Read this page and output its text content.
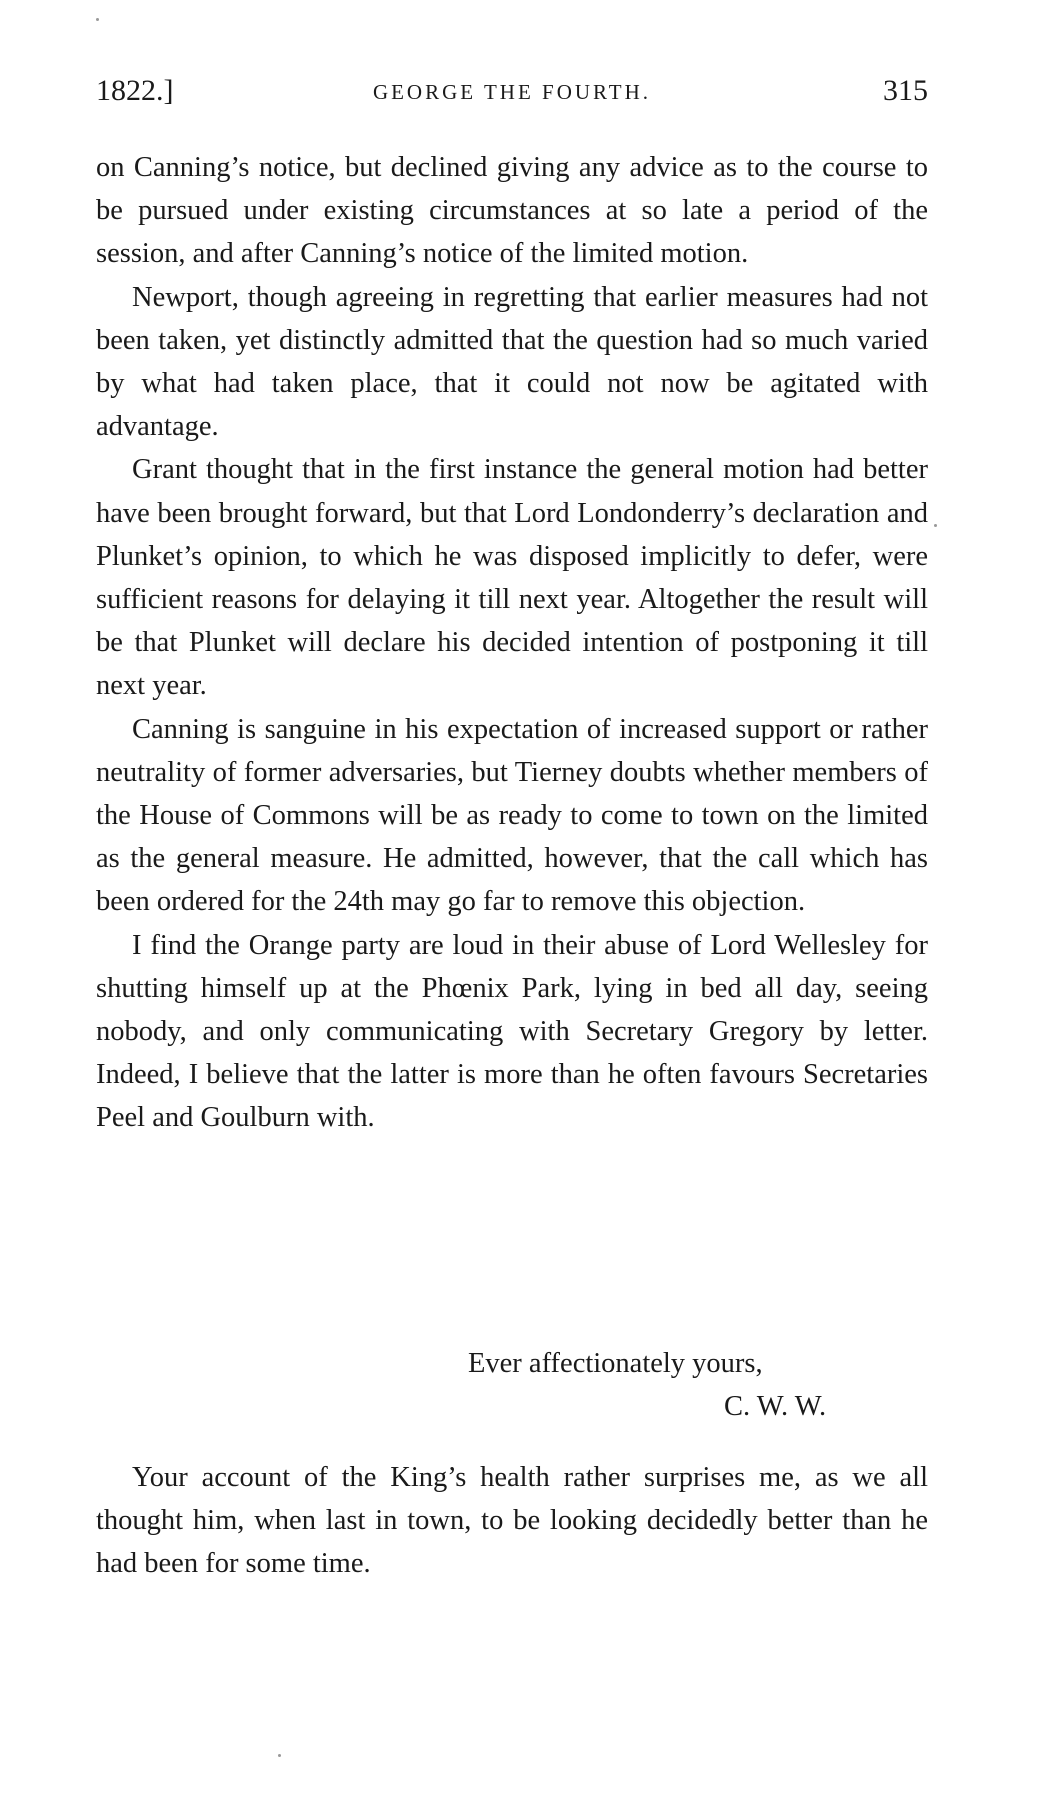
1822.]	GEORGE THE FOURTH.	315

on Canning’s notice, but declined giving any advice as to the course to be pursued under existing circumstances at so late a period of the session, and after Canning’s notice of the limited motion.

Newport, though agreeing in regretting that earlier measures had not been taken, yet distinctly admitted that the question had so much varied by what had taken place, that it could not now be agitated with advantage.

Grant thought that in the first instance the general motion had better have been brought forward, but that Lord Londonderry’s declaration and Plunket’s opinion, to which he was disposed implicitly to defer, were sufficient reasons for delaying it till next year. Altogether the result will be that Plunket will declare his decided intention of postponing it till next year.

Canning is sanguine in his expectation of increased support or rather neutrality of former adversaries, but Tierney doubts whether members of the House of Commons will be as ready to come to town on the limited as the general measure. He admitted, however, that the call which has been ordered for the 24th may go far to remove this objection.

I find the Orange party are loud in their abuse of Lord Wellesley for shutting himself up at the Phœnix Park, lying in bed all day, seeing nobody, and only communicating with Secretary Gregory by letter. Indeed, I believe that the latter is more than he often favours Secretaries Peel and Goulburn with.

Ever affectionately yours,
C. W. W.

Your account of the King’s health rather surprises me, as we all thought him, when last in town, to be looking decidedly better than he had been for some time.
